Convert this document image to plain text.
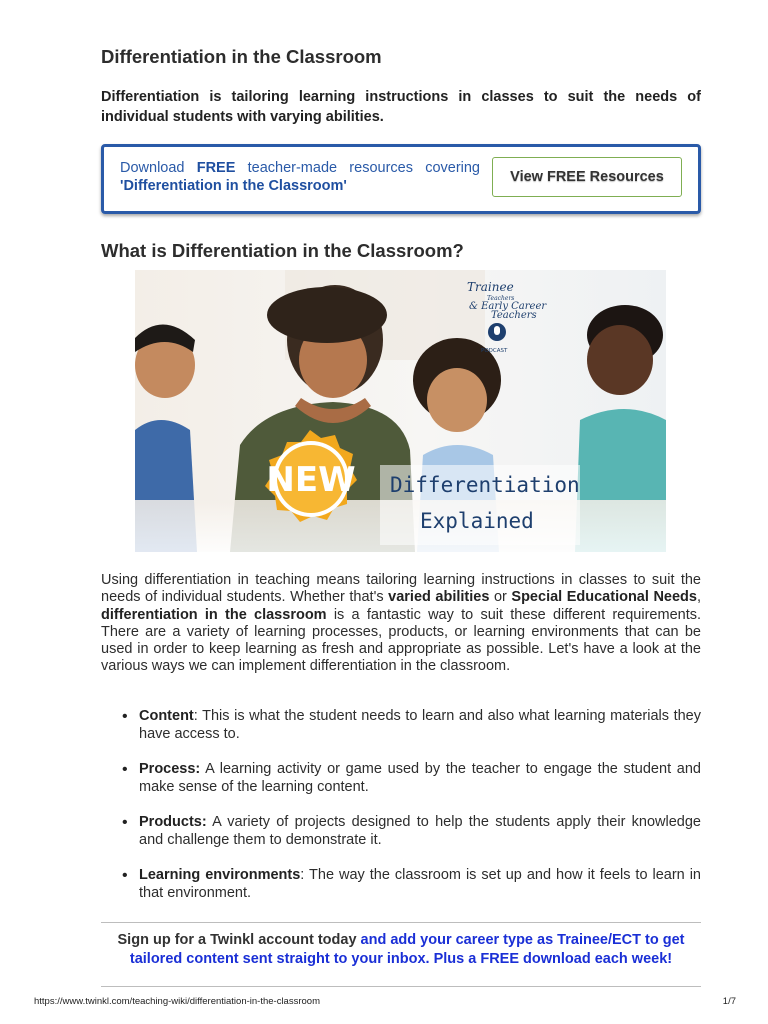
Differentiation in the Classroom

Differentiation is tailoring learning instructions in classes to suit the needs of individual students with varying abilities.

Download FREE teacher-made resources covering 'Differentiation in the Classroom'
View FREE Resources
What is Differentiation in the Classroom?
Trainee
Teachers
& Early Career
Teachers
PODCAST
NEW Differentiation
Explained

Using differentiation in teaching means tailoring learning instructions in classes to suit the needs of individual students. Whether that's varied abilities or Special Educational Needs, differentiation in the classroom is a fantastic way to suit these different requirements. There are a variety of learning processes, products, or learning environments that can be used in order to keep learning as fresh and appropriate as possible. Let's have a look at the various ways we can implement differentiation in the classroom.

• Content: This is what the student needs to learn and also what learning materials they have access to.
• Process: A learning activity or game used by the teacher to engage the student and make sense of the learning content.
• Products: A variety of projects designed to help the students apply their knowledge and challenge them to demonstrate it.
• Learning environments: The way the classroom is set up and how it feels to learn in that environment.

Sign up for a Twinkl account today and add your career type as Trainee/ECT to get tailored content sent straight to your inbox. Plus a FREE download each week!

https://www.twinkl.com/teaching-wiki/differentiation-in-the-classroom	1/7
